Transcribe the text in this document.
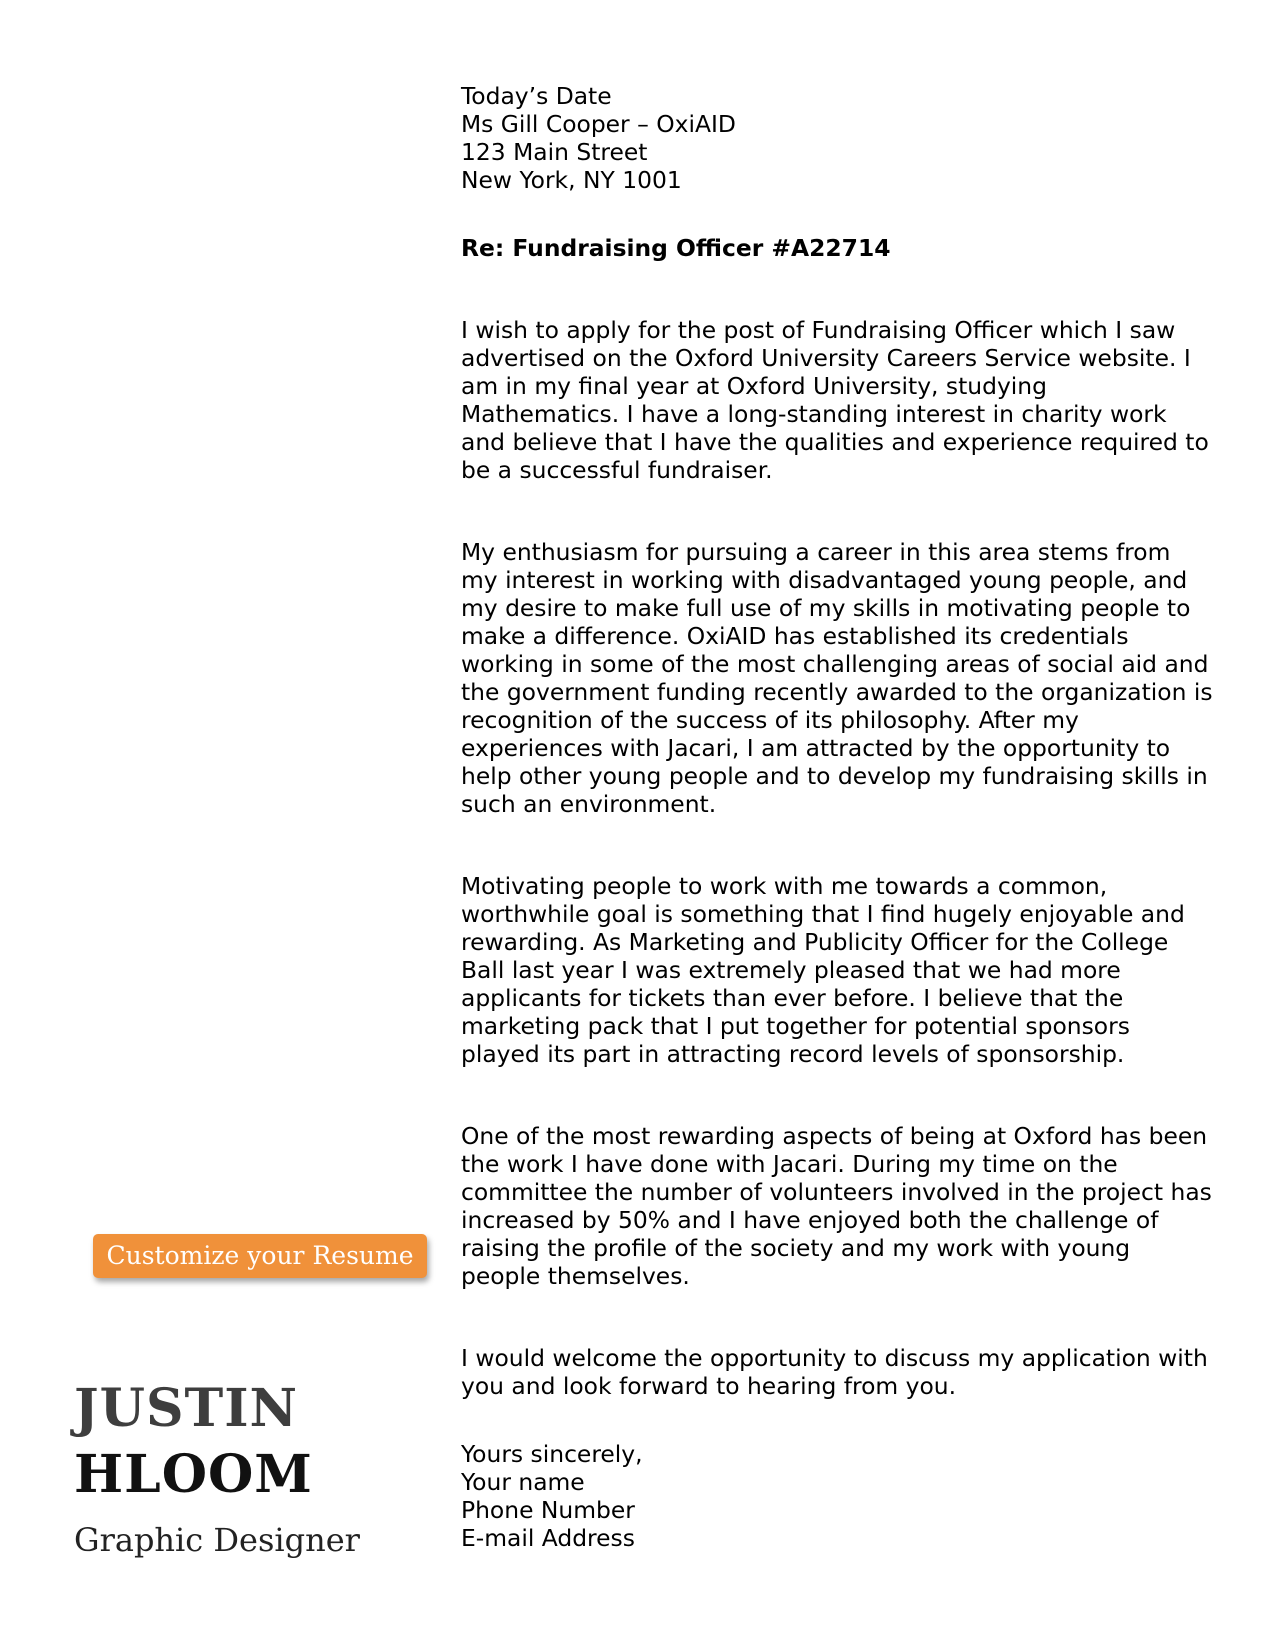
Today’s Date
Ms Gill Cooper – OxiAID
123 Main Street
New York, NY 1001
Re: Fundraising Officer #A22714
I wish to apply for the post of Fundraising Officer which I saw
advertised on the Oxford University Careers Service website. I
am in my final year at Oxford University, studying
Mathematics. I have a long-standing interest in charity work
and believe that I have the qualities and experience required to
be a successful fundraiser.
My enthusiasm for pursuing a career in this area stems from
my interest in working with disadvantaged young people, and
my desire to make full use of my skills in motivating people to
make a difference. OxiAID has established its credentials
working in some of the most challenging areas of social aid and
the government funding recently awarded to the organization is
recognition of the success of its philosophy. After my
experiences with Jacari, I am attracted by the opportunity to
help other young people and to develop my fundraising skills in
such an environment.
Motivating people to work with me towards a common,
worthwhile goal is something that I find hugely enjoyable and
rewarding. As Marketing and Publicity Officer for the College
Ball last year I was extremely pleased that we had more
applicants for tickets than ever before. I believe that the
marketing pack that I put together for potential sponsors
played its part in attracting record levels of sponsorship.
One of the most rewarding aspects of being at Oxford has been
the work I have done with Jacari. During my time on the
committee the number of volunteers involved in the project has
increased by 50% and I have enjoyed both the challenge of
raising the profile of the society and my work with young
people themselves.
I would welcome the opportunity to discuss my application with
you and look forward to hearing from you.
Yours sincerely,
Your name
Phone Number
E-mail Address
Customize your Resume
JUSTIN
HLOOM
Graphic Designer
